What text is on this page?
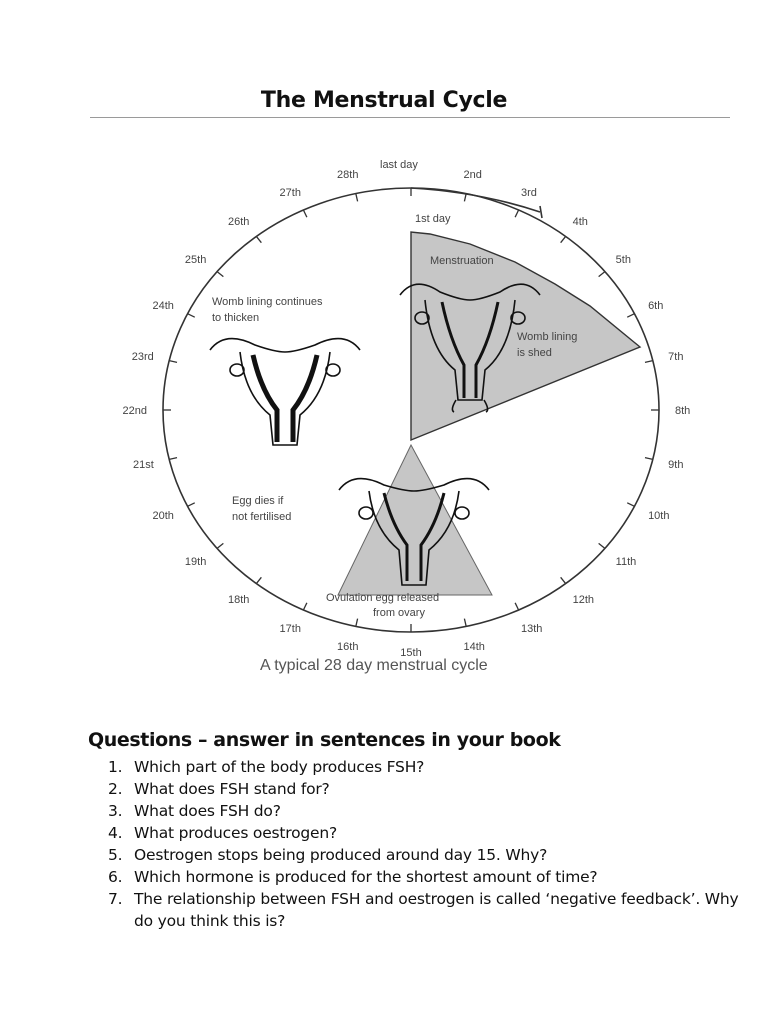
The Menstrual Cycle
1st day
2nd
3rd
4th
5th
6th
7th
8th
9th
10th
11th
12th
13th
14th
15th
16th
17th
18th
19th
20th
21st
22nd
23rd
24th
25th
26th
27th
28th
last day
Menstruation
Womb lining
is shed
Womb lining continues
to thicken
Egg dies if
not fertilised
Ovulation egg released
from ovary
A typical 28 day menstrual cycle
Questions – answer in sentences in your book
1. Which part of the body produces FSH?
2. What does FSH stand for?
3. What does FSH do?
4. What produces oestrogen?
5. Oestrogen stops being produced around day 15. Why?
6. Which hormone is produced for the shortest amount of time?
7. The relationship between FSH and oestrogen is called ‘negative feedback’. Why do you think this is?
